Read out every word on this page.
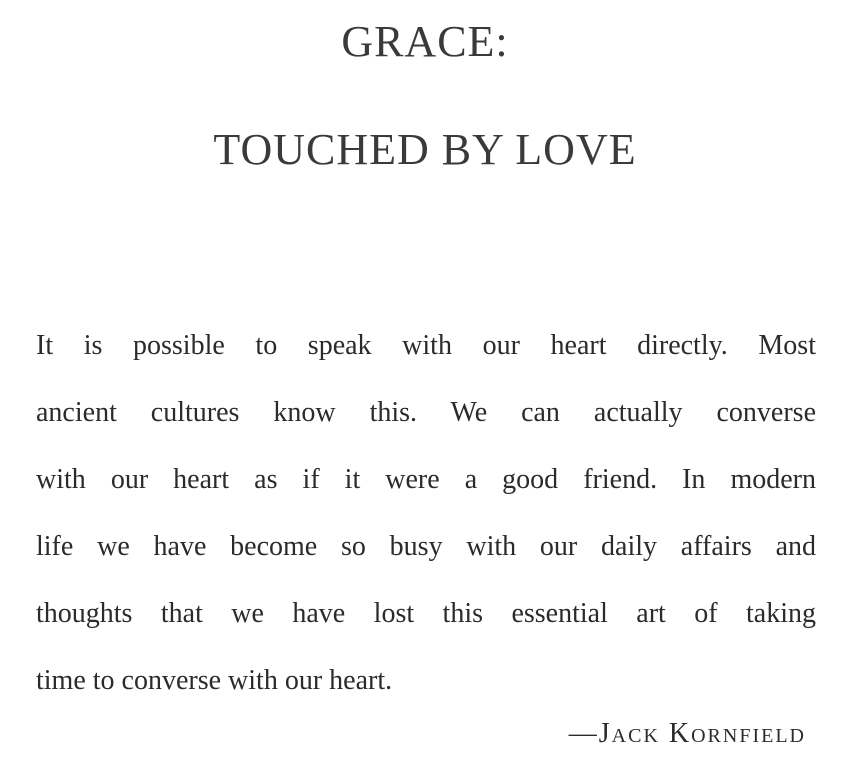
GRACE:
TOUCHED BY LOVE
It is possible to speak with our heart directly. Most
ancient cultures know this. We can actually converse
with our heart as if it were a good friend. In modern
life we have become so busy with our daily affairs and
thoughts that we have lost this essential art of taking
time to converse with our heart.
—Jack Kornfield
